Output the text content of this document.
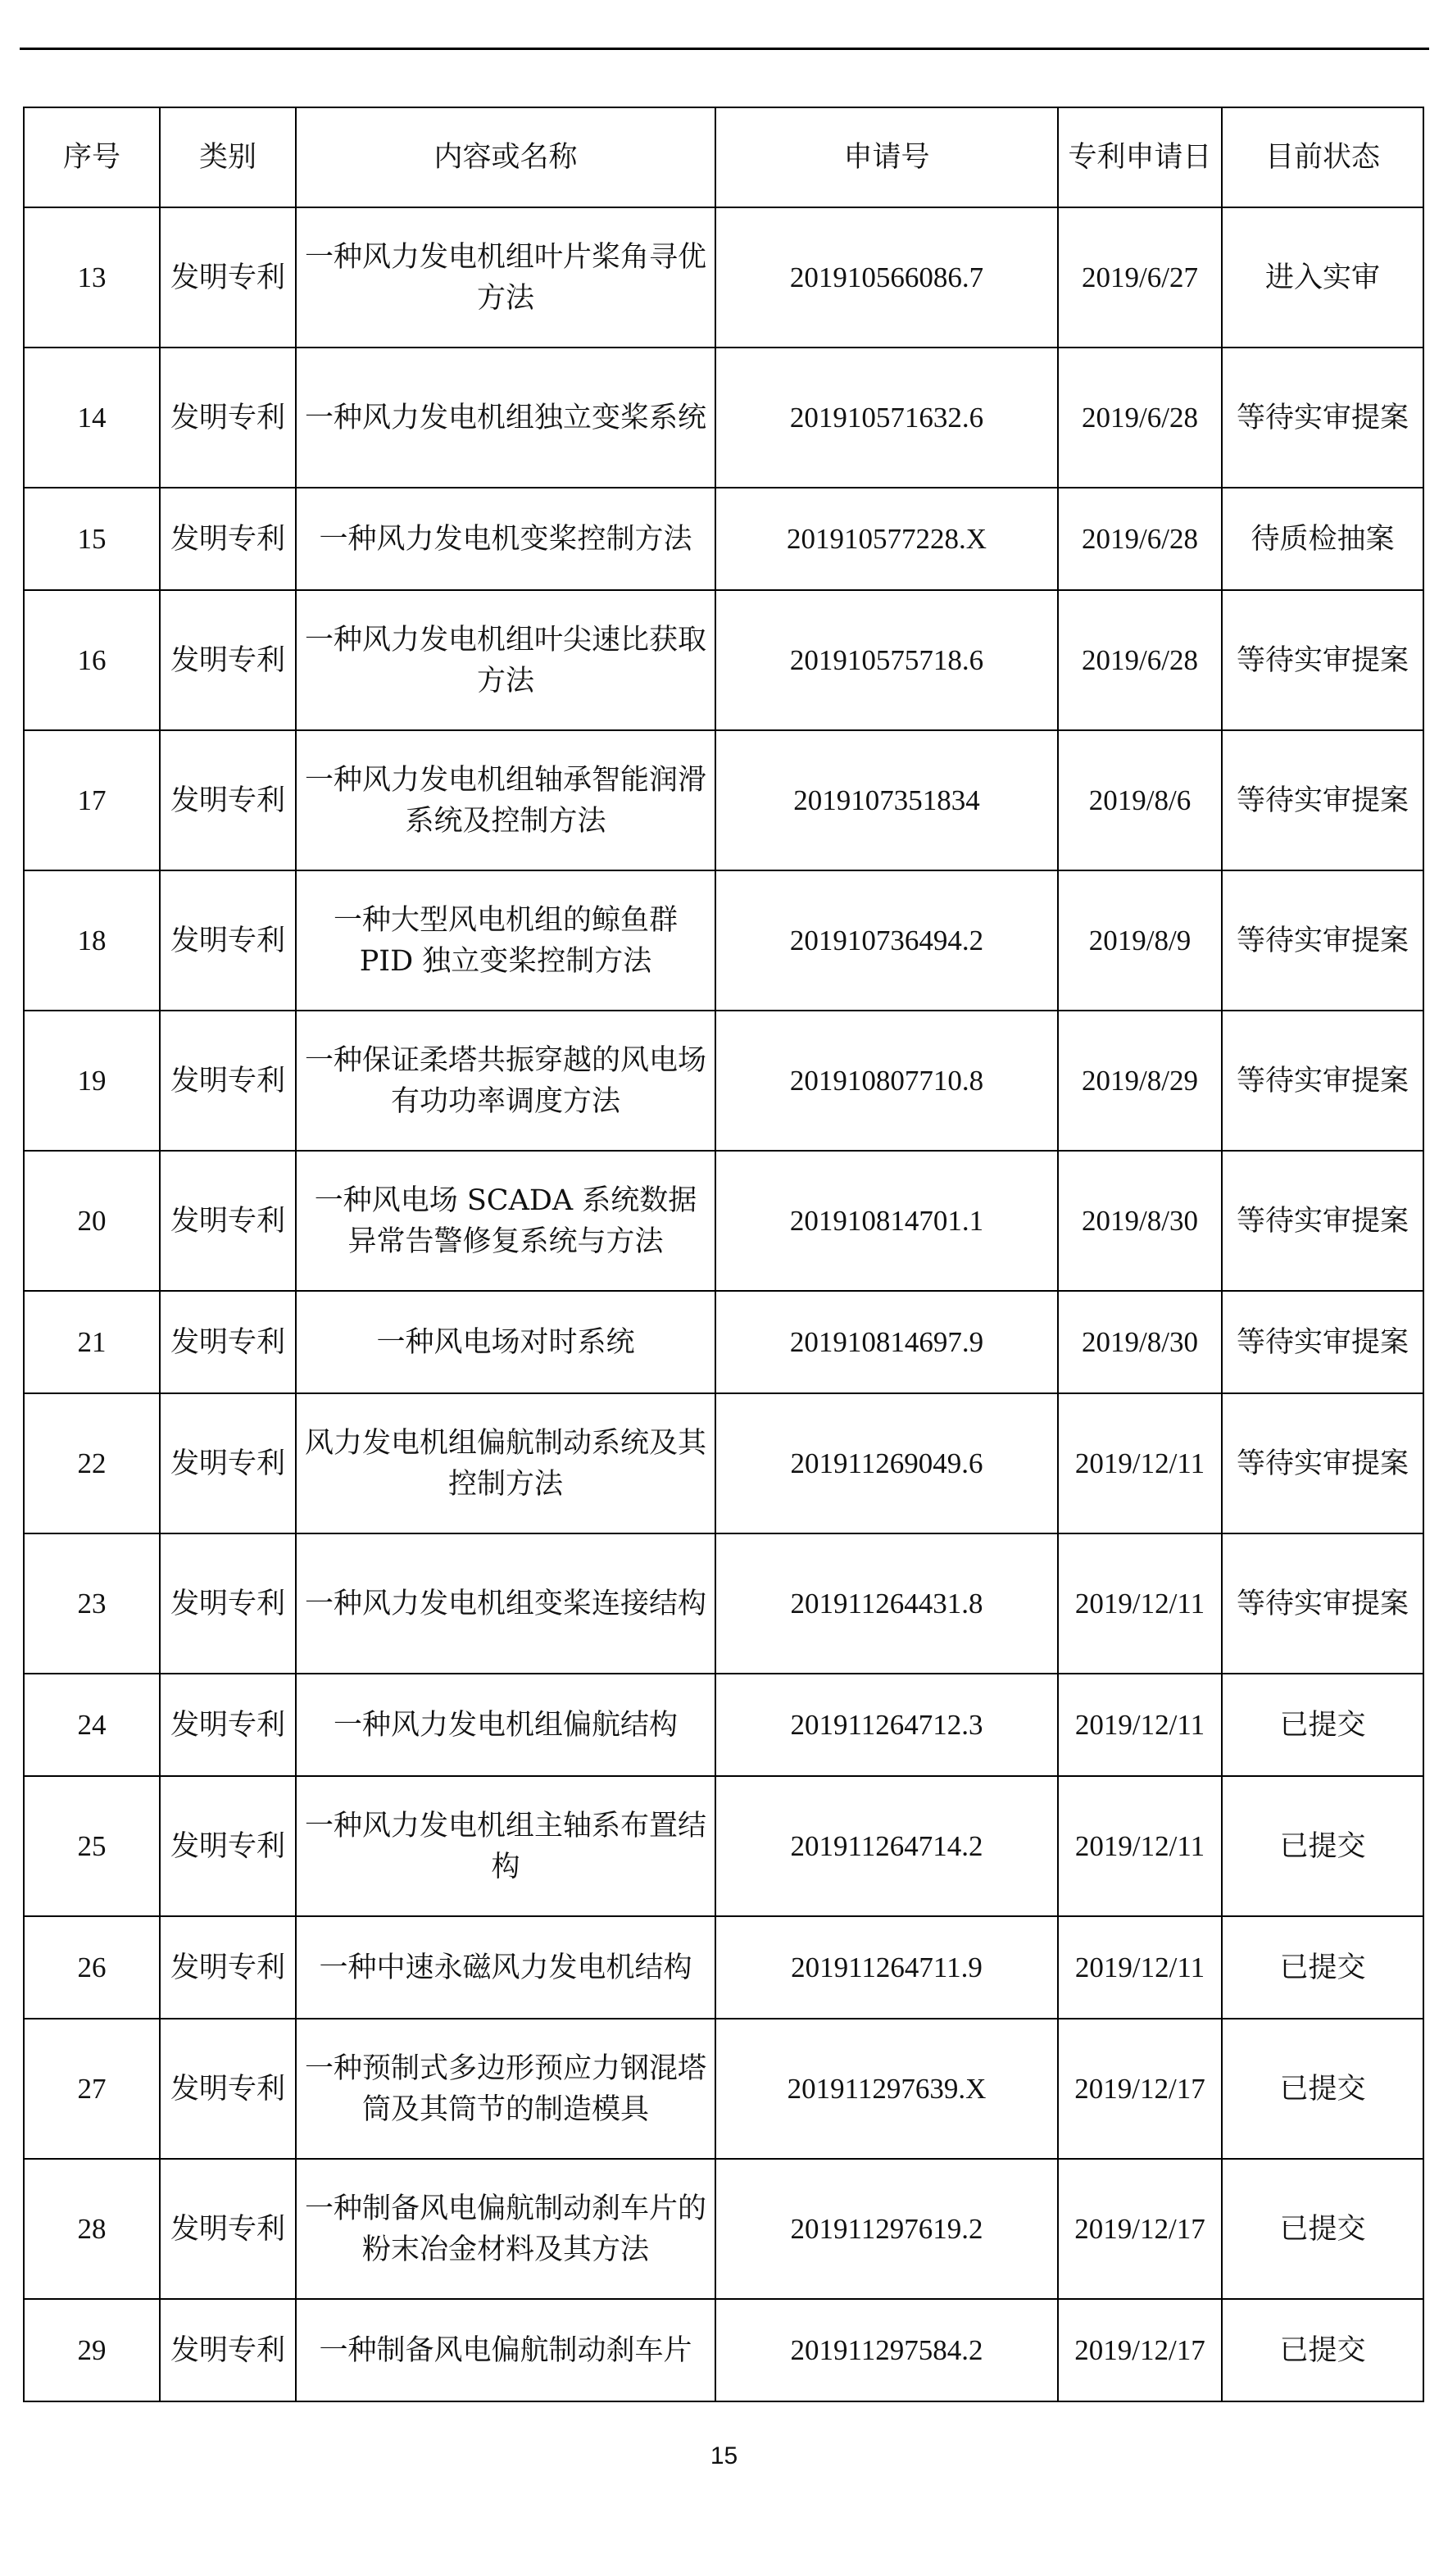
序号	类别	内容或名称	申请号	专利申请日	目前状态
13	发明专利	一种风力发电机组叶片桨角寻优方法	201910566086.7	2019/6/27	进入实审
14	发明专利	一种风力发电机组独立变桨系统	201910571632.6	2019/6/28	等待实审提案
15	发明专利	一种风力发电机变桨控制方法	201910577228.X	2019/6/28	待质检抽案
16	发明专利	一种风力发电机组叶尖速比获取方法	201910575718.6	2019/6/28	等待实审提案
17	发明专利	一种风力发电机组轴承智能润滑系统及控制方法	2019107351834	2019/8/6	等待实审提案
18	发明专利	一种大型风电机组的鲸鱼群 PID 独立变桨控制方法	201910736494.2	2019/8/9	等待实审提案
19	发明专利	一种保证柔塔共振穿越的风电场有功功率调度方法	201910807710.8	2019/8/29	等待实审提案
20	发明专利	一种风电场 SCADA 系统数据异常告警修复系统与方法	201910814701.1	2019/8/30	等待实审提案
21	发明专利	一种风电场对时系统	201910814697.9	2019/8/30	等待实审提案
22	发明专利	风力发电机组偏航制动系统及其控制方法	201911269049.6	2019/12/11	等待实审提案
23	发明专利	一种风力发电机组变桨连接结构	201911264431.8	2019/12/11	等待实审提案
24	发明专利	一种风力发电机组偏航结构	201911264712.3	2019/12/11	已提交
25	发明专利	一种风力发电机组主轴系布置结构	201911264714.2	2019/12/11	已提交
26	发明专利	一种中速永磁风力发电机结构	201911264711.9	2019/12/11	已提交
27	发明专利	一种预制式多边形预应力钢混塔筒及其筒节的制造模具	201911297639.X	2019/12/17	已提交
28	发明专利	一种制备风电偏航制动刹车片的粉末冶金材料及其方法	201911297619.2	2019/12/17	已提交
29	发明专利	一种制备风电偏航制动刹车片	201911297584.2	2019/12/17	已提交
15
